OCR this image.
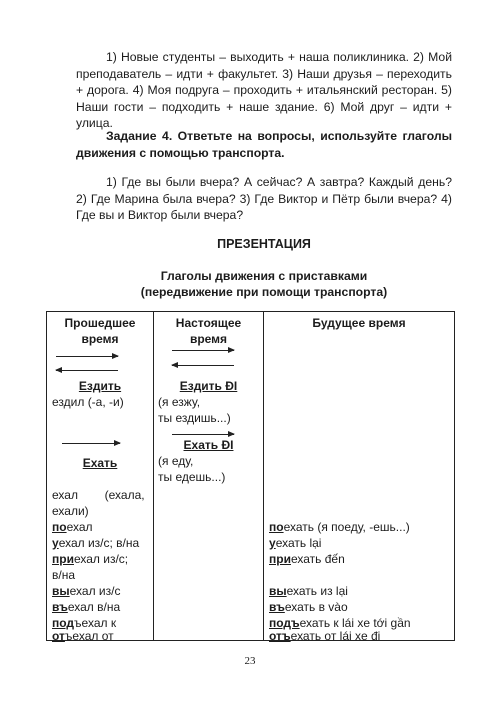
1) Новые студенты – выходить + наша поликлиника. 2) Мой преподаватель – идти + факультет. 3) Наши друзья – переходить + дорога. 4) Моя подруга – проходить + итальянский ресторан. 5) Наши гости – подходить + наше здание. 6) Мой друг – идти + улица.
Задание 4. Ответьте на вопросы, используйте глаголы движения с помощью транспорта.
1) Где вы были вчера? А сейчас? А завтра? Каждый день? 2) Где Марина была вчера? 3) Где Виктор и Пётр были вчера? 4) Где вы и Виктор были вчера?
ПРЕЗЕНТАЦИЯ
Глаголы движения с приставками
(передвижение при помощи транспорта)
Прошедшее
время
Настоящее
время
Будущее время
Ездить
ездил (-а, -и)
Ездить ĐI
(я езжу,
ты ездишь...)
Ехать ĐI
(я еду,
ты едешь...)
Ехать
ехал        (ехала,
ехали)
поехал
уехал из/с; в/на
приехал из/с;
в/на
выехал из/с
въехал в/на
подъехал к
отъехал от
поехать (я поеду, -ешь...)
уехать lại
приехать đến
выехать из lại
въехать в vào
подъехать к lái xe tới gần
отъехать от lái xe đi
23
